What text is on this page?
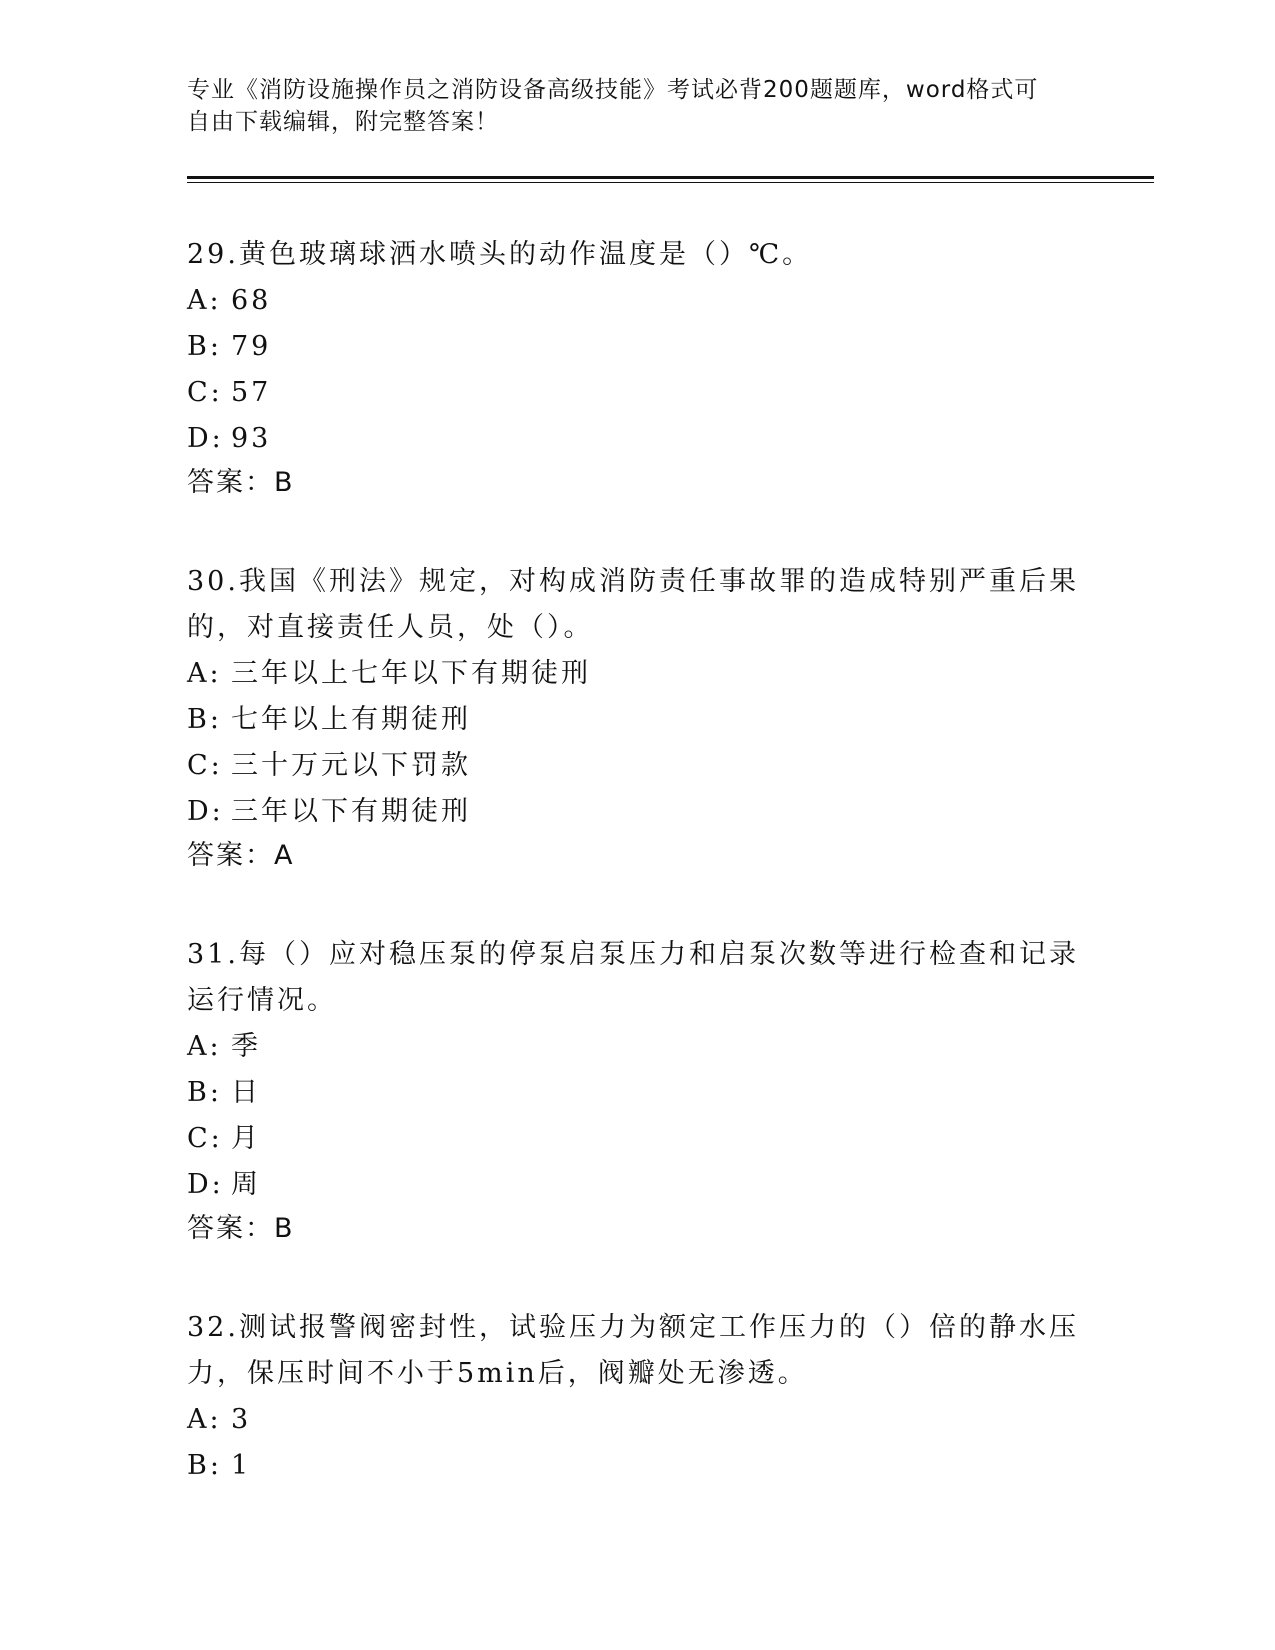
专业《消防设施操作员之消防设备高级技能》考试必背200题题库，word格式可
自由下载编辑，附完整答案！
29.黄色玻璃球洒水喷头的动作温度是（）℃。
A: 68
B: 79
C: 57
D: 93
答案：B
30.我国《刑法》规定，对构成消防责任事故罪的造成特别严重后果的，对直接责任人员，处（）。
A: 三年以上七年以下有期徒刑
B: 七年以上有期徒刑
C: 三十万元以下罚款
D: 三年以下有期徒刑
答案：A
31.每（）应对稳压泵的停泵启泵压力和启泵次数等进行检查和记录运行情况。
A: 季
B: 日
C: 月
D: 周
答案：B
32.测试报警阀密封性，试验压力为额定工作压力的（）倍的静水压力，保压时间不小于5min后，阀瓣处无渗透。
A: 3
B: 1
